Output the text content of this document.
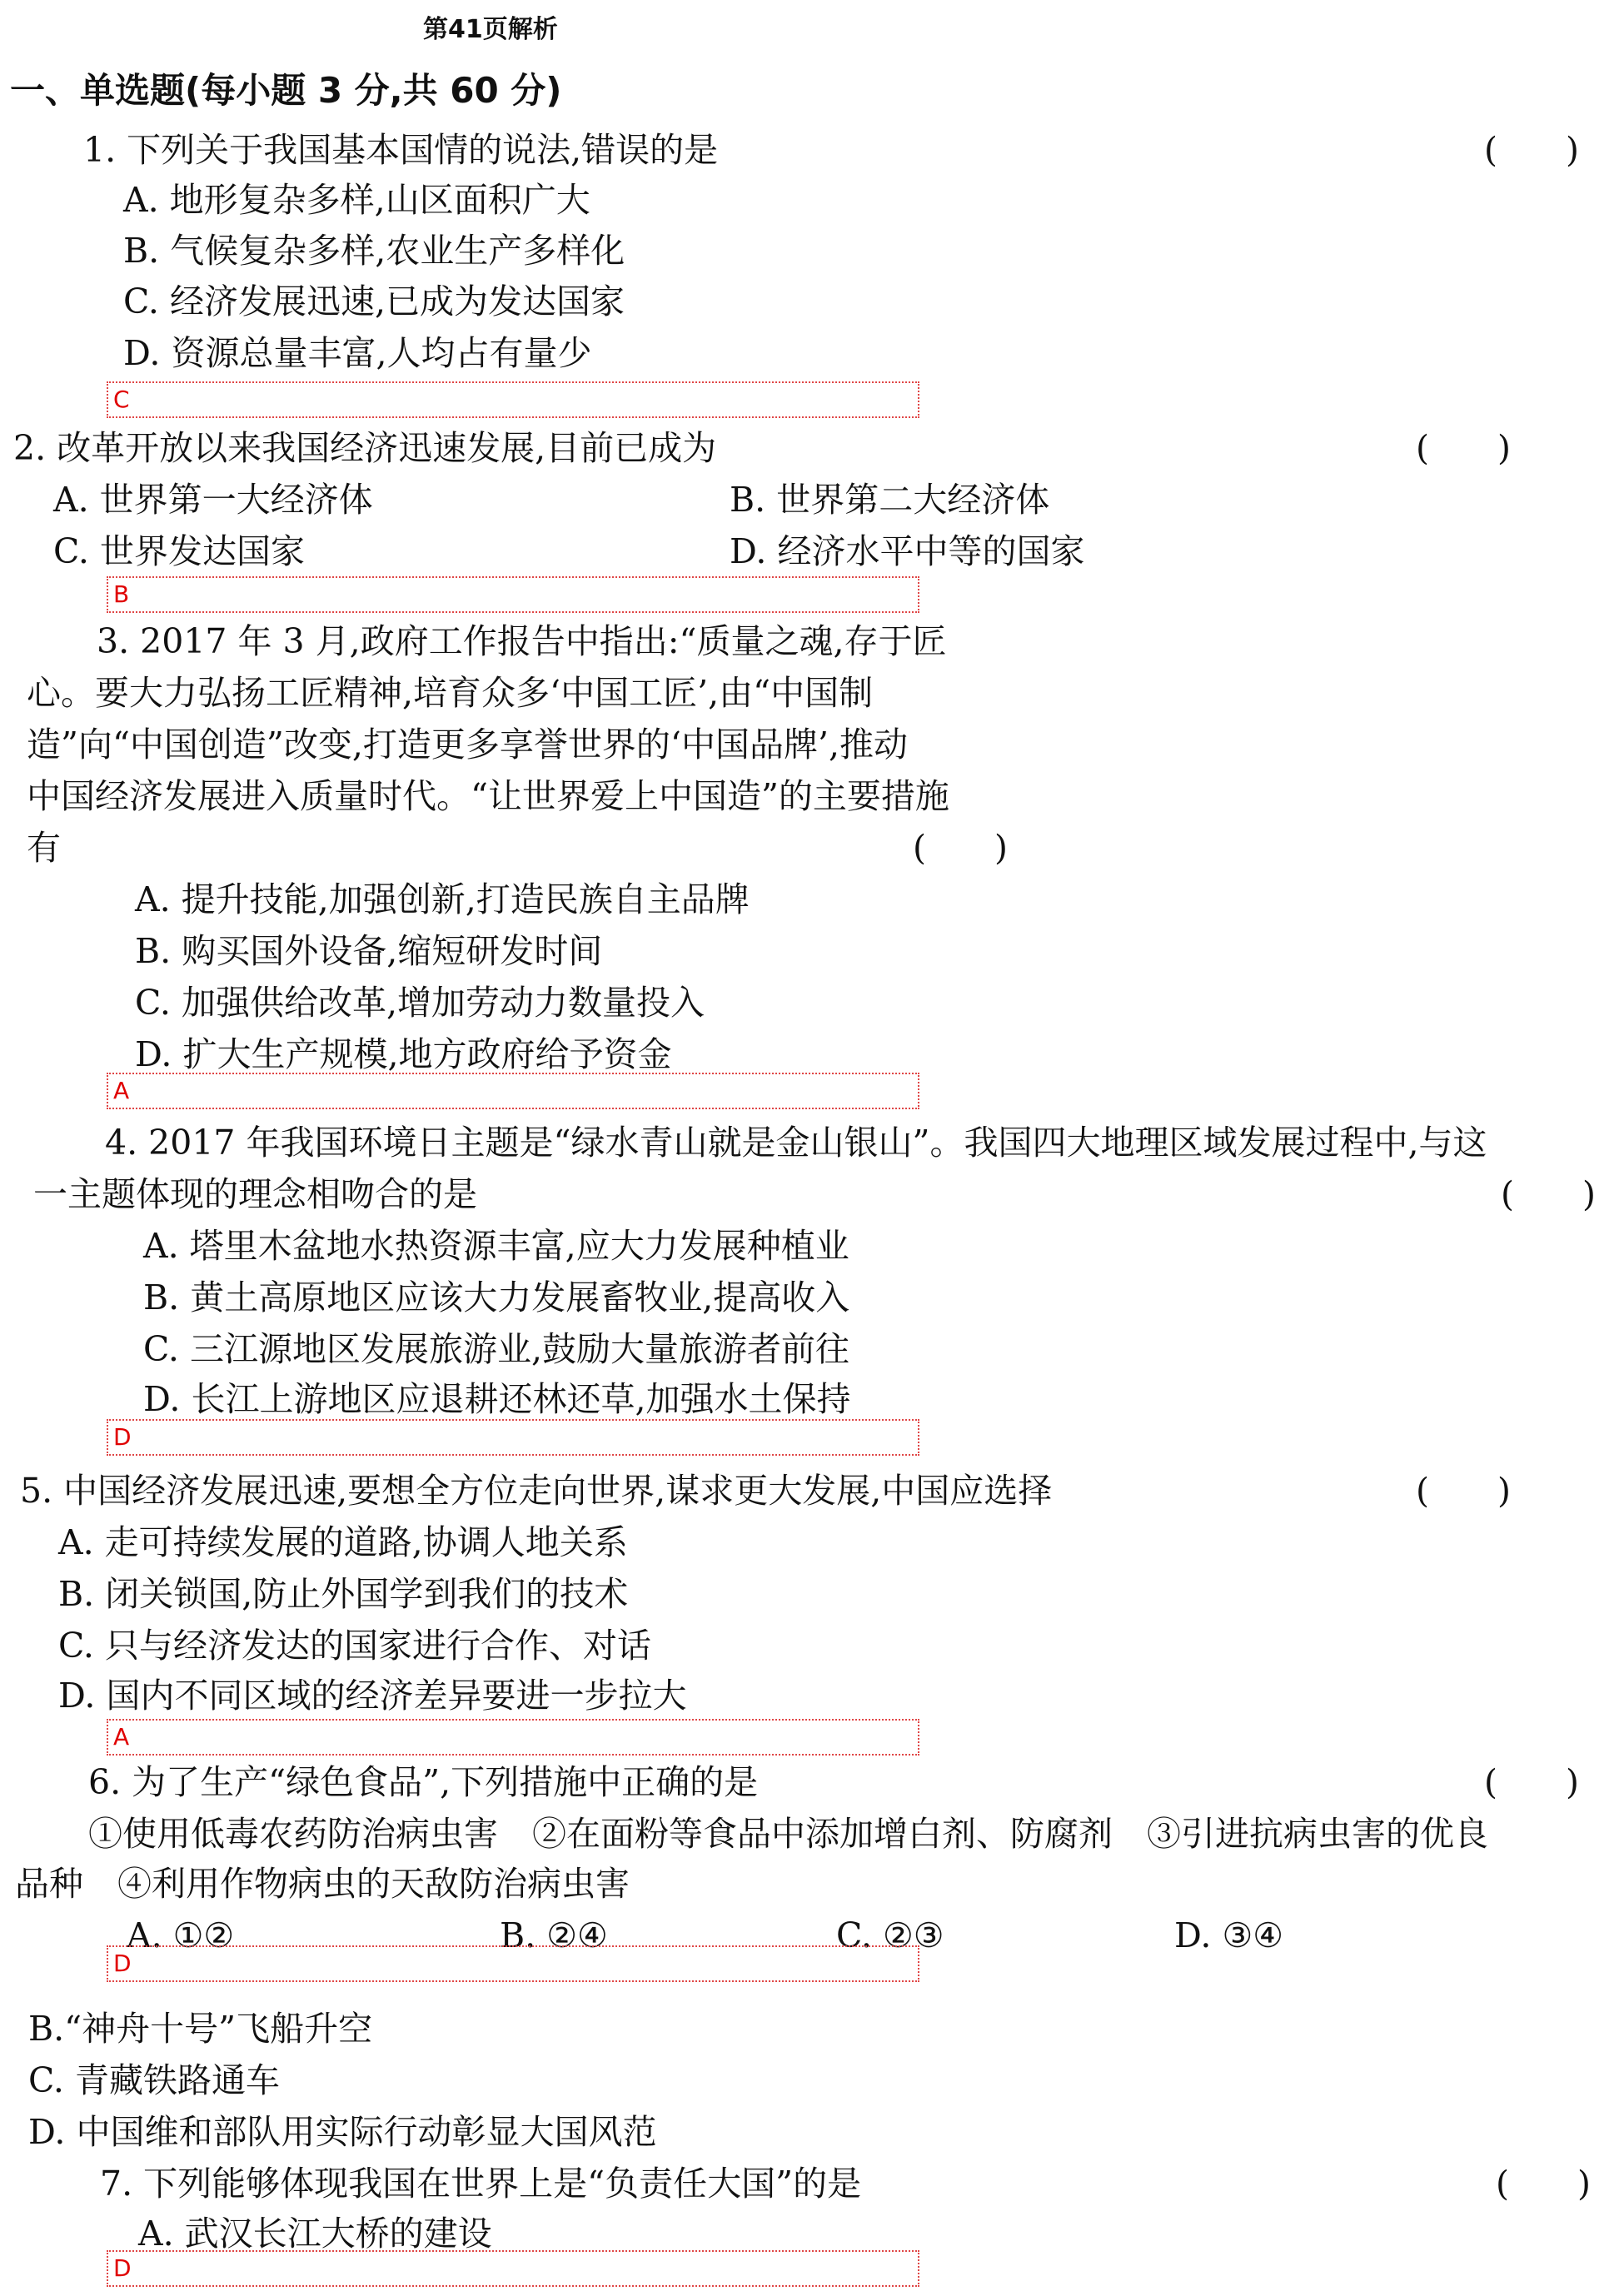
第41页解析
一、单选题(每小题 3 分,共 60 分)
1. 下列关于我国基本国情的说法,错误的是	(　　)
A. 地形复杂多样,山区面积广大
B. 气候复杂多样,农业生产多样化
C. 经济发展迅速,已成为发达国家
D. 资源总量丰富,人均占有量少
C
2. 改革开放以来我国经济迅速发展,目前已成为	(　　)
A. 世界第一大经济体	B. 世界第二大经济体
C. 世界发达国家	D. 经济水平中等的国家
B
3. 2017 年 3 月,政府工作报告中指出:“质量之魂,存于匠
心。要大力弘扬工匠精神,培育众多‘中国工匠’,由“中国制
造”向“中国创造”改变,打造更多享誉世界的‘中国品牌’,推动
中国经济发展进入质量时代。“让世界爱上中国造”的主要措施
有	(　　)
A. 提升技能,加强创新,打造民族自主品牌
B. 购买国外设备,缩短研发时间
C. 加强供给改革,增加劳动力数量投入
D. 扩大生产规模,地方政府给予资金
A
4. 2017 年我国环境日主题是“绿水青山就是金山银山”。我国四大地理区域发展过程中,与这
一主题体现的理念相吻合的是	(　　)
A. 塔里木盆地水热资源丰富,应大力发展种植业
B. 黄土高原地区应该大力发展畜牧业,提高收入
C. 三江源地区发展旅游业,鼓励大量旅游者前往
D. 长江上游地区应退耕还林还草,加强水土保持
D
5. 中国经济发展迅速,要想全方位走向世界,谋求更大发展,中国应选择	(　　)
A. 走可持续发展的道路,协调人地关系
B. 闭关锁国,防止外国学到我们的技术
C. 只与经济发达的国家进行合作、对话
D. 国内不同区域的经济差异要进一步拉大
A
6. 为了生产“绿色食品”,下列措施中正确的是	(　　)
①使用低毒农药防治病虫害　②在面粉等食品中添加增白剂、防腐剂　③引进抗病虫害的优良
品种　④利用作物病虫的天敌防治病虫害
A. ①②	B. ②④	C. ②③	D. ③④
D
B.“神舟十号”飞船升空
C. 青藏铁路通车
D. 中国维和部队用实际行动彰显大国风范
7. 下列能够体现我国在世界上是“负责任大国”的是	(　　)
A. 武汉长江大桥的建设
D
